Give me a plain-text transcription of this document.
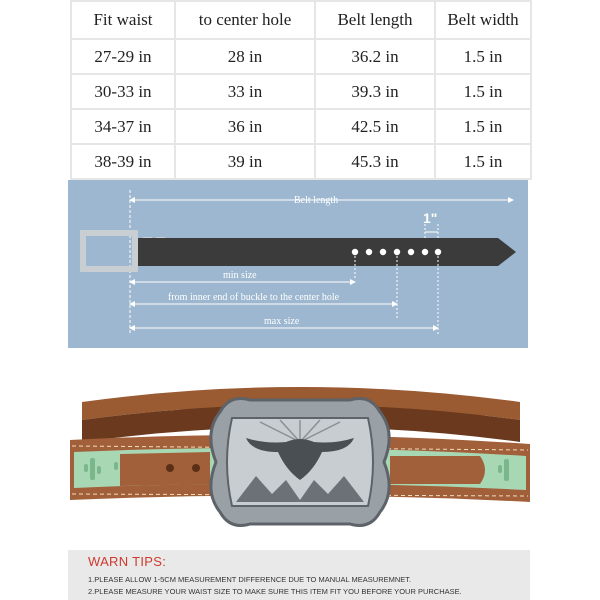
Fit waist	to center hole	Belt length	Belt width
27-29 in	28 in	36.2 in	1.5 in
30-33 in	33 in	39.3 in	1.5 in
34-37 in	36 in	42.5 in	1.5 in
38-39 in	39 in	45.3 in	1.5 in
Belt length
1"
min size
from inner end of buckle to the center hole
max size
WARN TIPS:
1.PLEASE ALLOW 1-5CM MEASUREMENT DIFFERENCE DUE TO MANUAL MEASUREMNET.
2.PLEASE MEASURE YOUR WAIST SIZE TO MAKE SURE THIS ITEM FIT YOU BEFORE YOUR PURCHASE.
